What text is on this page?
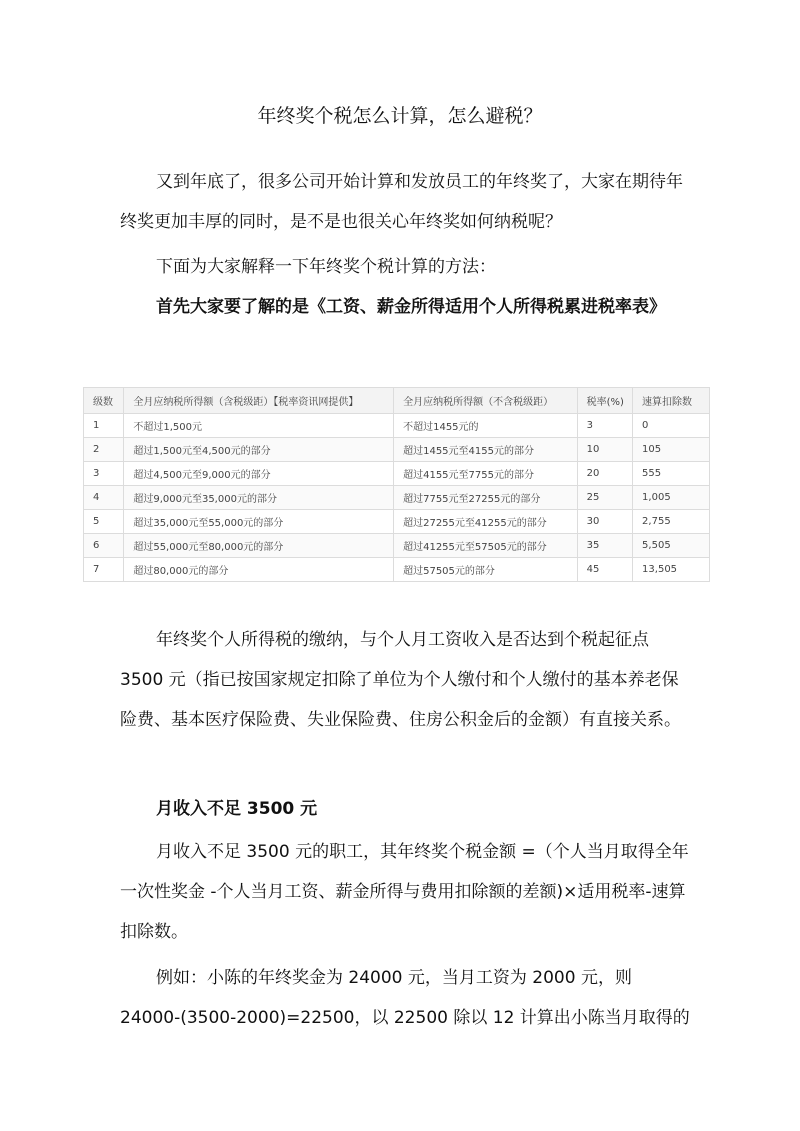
年终奖个税怎么计算，怎么避税？

又到年底了，很多公司开始计算和发放员工的年终奖了，大家在期待年终奖更加丰厚的同时，是不是也很关心年终奖如何纳税呢？

下面为大家解释一下年终奖个税计算的方法：

首先大家要了解的是《工资、薪金所得适用个人所得税累进税率表》

级数	全月应纳税所得额（含税级距）【税率资讯网提供】	全月应纳税所得额（不含税级距）	税率(%)	速算扣除数
1	不超过1,500元	不超过1455元的	3	0
2	超过1,500元至4,500元的部分	超过1455元至4155元的部分	10	105
3	超过4,500元至9,000元的部分	超过4155元至7755元的部分	20	555
4	超过9,000元至35,000元的部分	超过7755元至27255元的部分	25	1,005
5	超过35,000元至55,000元的部分	超过27255元至41255元的部分	30	2,755
6	超过55,000元至80,000元的部分	超过41255元至57505元的部分	35	5,505
7	超过80,000元的部分	超过57505元的部分	45	13,505

年终奖个人所得税的缴纳，与个人月工资收入是否达到个税起征点 3500 元（指已按国家规定扣除了单位为个人缴付和个人缴付的基本养老保险费、基本医疗保险费、失业保险费、住房公积金后的金额）有直接关系。

月收入不足 3500 元

月收入不足 3500 元的职工，其年终奖个税金额 =（个人当月取得全年一次性奖金 -个人当月工资、薪金所得与费用扣除额的差额)×适用税率-速算扣除数。

例如：小陈的年终奖金为 24000 元，当月工资为 2000 元，则 24000-(3500-2000)=22500，以 22500 除以 12 计算出小陈当月取得的
